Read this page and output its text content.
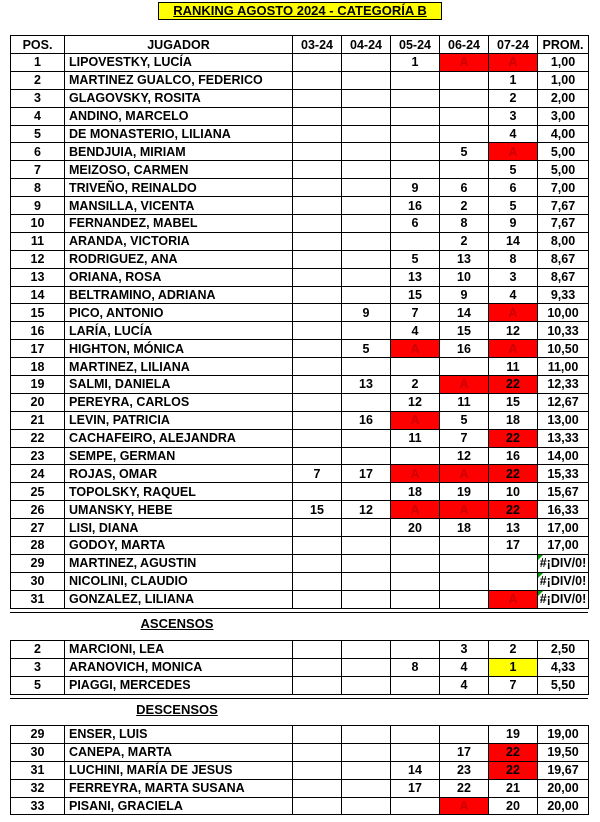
RANKING AGOSTO 2024 - CATEGORÍA B
POS.	JUGADOR	03-24	04-24	05-24	06-24	07-24	PROM.
1	LIPOVESTKY, LUCÍA			1	A	A	1,00
2	MARTINEZ GUALCO, FEDERICO					1	1,00
3	GLAGOVSKY, ROSITA					2	2,00
4	ANDINO, MARCELO					3	3,00
5	DE MONASTERIO, LILIANA					4	4,00
6	BENDJUIA, MIRIAM				5	A	5,00
7	MEIZOSO, CARMEN					5	5,00
8	TRIVEÑO, REINALDO			9	6	6	7,00
9	MANSILLA, VICENTA			16	2	5	7,67
10	FERNANDEZ, MABEL			6	8	9	7,67
11	ARANDA, VICTORIA				2	14	8,00
12	RODRIGUEZ, ANA			5	13	8	8,67
13	ORIANA, ROSA			13	10	3	8,67
14	BELTRAMINO, ADRIANA			15	9	4	9,33
15	PICO, ANTONIO		9	7	14	A	10,00
16	LARÍA, LUCÍA			4	15	12	10,33
17	HIGHTON, MÓNICA		5	A	16	A	10,50
18	MARTINEZ, LILIANA					11	11,00
19	SALMI, DANIELA		13	2	A	22	12,33
20	PEREYRA, CARLOS			12	11	15	12,67
21	LEVIN, PATRICIA		16	A	5	18	13,00
22	CACHAFEIRO, ALEJANDRA			11	7	22	13,33
23	SEMPE, GERMAN				12	16	14,00
24	ROJAS, OMAR	7	17	A	A	22	15,33
25	TOPOLSKY, RAQUEL			18	19	10	15,67
26	UMANSKY, HEBE	15	12	A	A	22	16,33
27	LISI, DIANA			20	18	13	17,00
28	GODOY, MARTA					17	17,00
29	MARTINEZ, AGUSTIN						#¡DIV/0!
30	NICOLINI, CLAUDIO						#¡DIV/0!
31	GONZALEZ, LILIANA					A	#¡DIV/0!
ASCENSOS
2	MARCIONI, LEA				3	2	2,50
3	ARANOVICH, MONICA			8	4	1	4,33
5	PIAGGI, MERCEDES				4	7	5,50
DESCENSOS
29	ENSER, LUIS					19	19,00
30	CANEPA, MARTA				17	22	19,50
31	LUCHINI, MARÍA DE JESUS			14	23	22	19,67
32	FERREYRA, MARTA SUSANA			17	22	21	20,00
33	PISANI, GRACIELA				A	20	20,00
